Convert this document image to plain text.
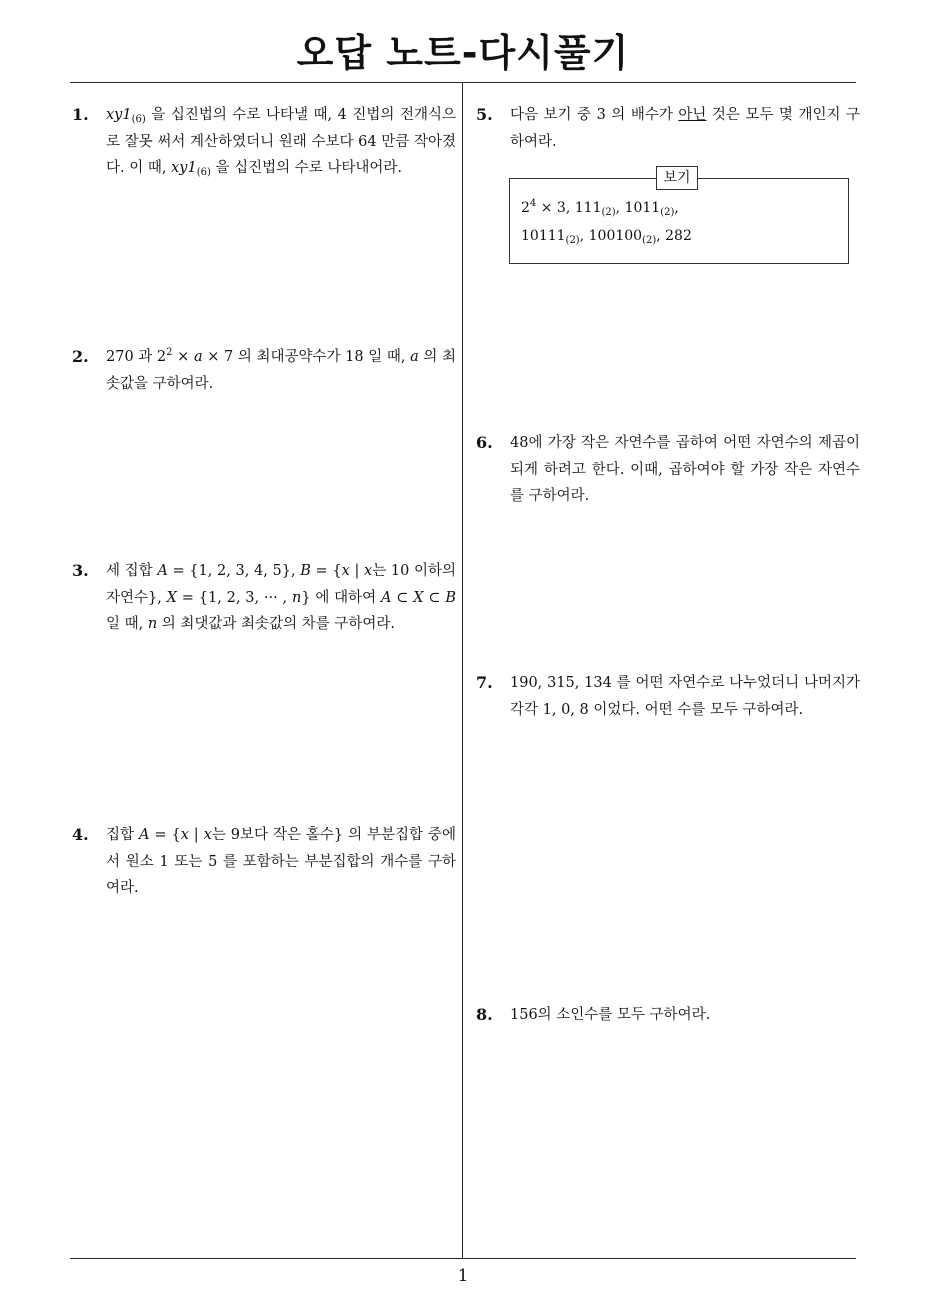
오답 노트-다시풀기
1. $xy1_{(6)}$ 을 십진법의 수로 나타낼 때, 4 진법의 전개식으로 잘못 써서 계산하였더니 원래 수보다 64 만큼 작아졌다. 이 때, $xy1_{(6)}$ 을 십진법의 수로 나타내어라.
2. 270 과 $2^2 \times a \times 7$ 의 최대공약수가 18 일 때, a 의 최솟값을 구하여라.
3. 세 집합 A = {1, 2, 3, 4, 5}, B = {x | x는 10 이하의 자연수}, X = {1, 2, 3, ··· , n} 에 대하여 A ⊂ X ⊂ B 일 때, n 의 최댓값과 최솟값의 차를 구하여라.
4. 집합 A = {x | x는 9보다 작은 홀수} 의 부분집합 중에서 원소 1 또는 5 를 포함하는 부분집합의 개수를 구하여라.
5. 다음 보기 중 3 의 배수가 아닌 것은 모두 몇 개인지 구하여라.
보기
$2^4 \times 3$, $111_{(2)}$, $1011_{(2)}$,
$10111_{(2)}$, $100100_{(2)}$, 282
6. 48에 가장 작은 자연수를 곱하여 어떤 자연수의 제곱이 되게 하려고 한다. 이때, 곱하여야 할 가장 작은 자연수를 구하여라.
7. 190, 315, 134 를 어떤 자연수로 나누었더니 나머지가 각각 1, 0, 8 이었다. 어떤 수를 모두 구하여라.
8. 156의 소인수를 모두 구하여라.
1
